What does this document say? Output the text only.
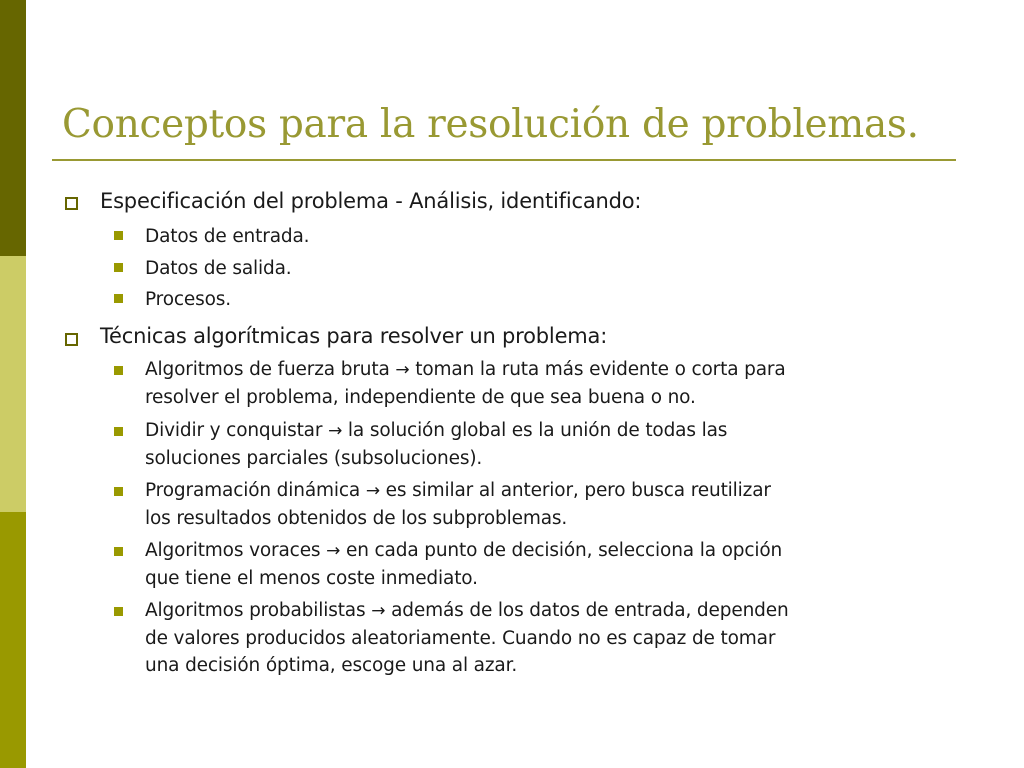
Conceptos para la resolución de problemas.
Especificación del problema - Análisis, identificando:
Datos de entrada.
Datos de salida.
Procesos.
Técnicas algorítmicas para resolver un problema:
Algoritmos de fuerza bruta → toman la ruta más evidente o corta para
resolver el problema, independiente de que sea buena o no.
Dividir y conquistar → la solución global es la unión de todas las
soluciones parciales (subsoluciones).
Programación dinámica → es similar al anterior, pero busca reutilizar
los resultados obtenidos de los subproblemas.
Algoritmos voraces → en cada punto de decisión, selecciona la opción
que tiene el menos coste inmediato.
Algoritmos probabilistas → además de los datos de entrada, dependen
de valores producidos aleatoriamente. Cuando no es capaz de tomar
una decisión óptima, escoge una al azar.
